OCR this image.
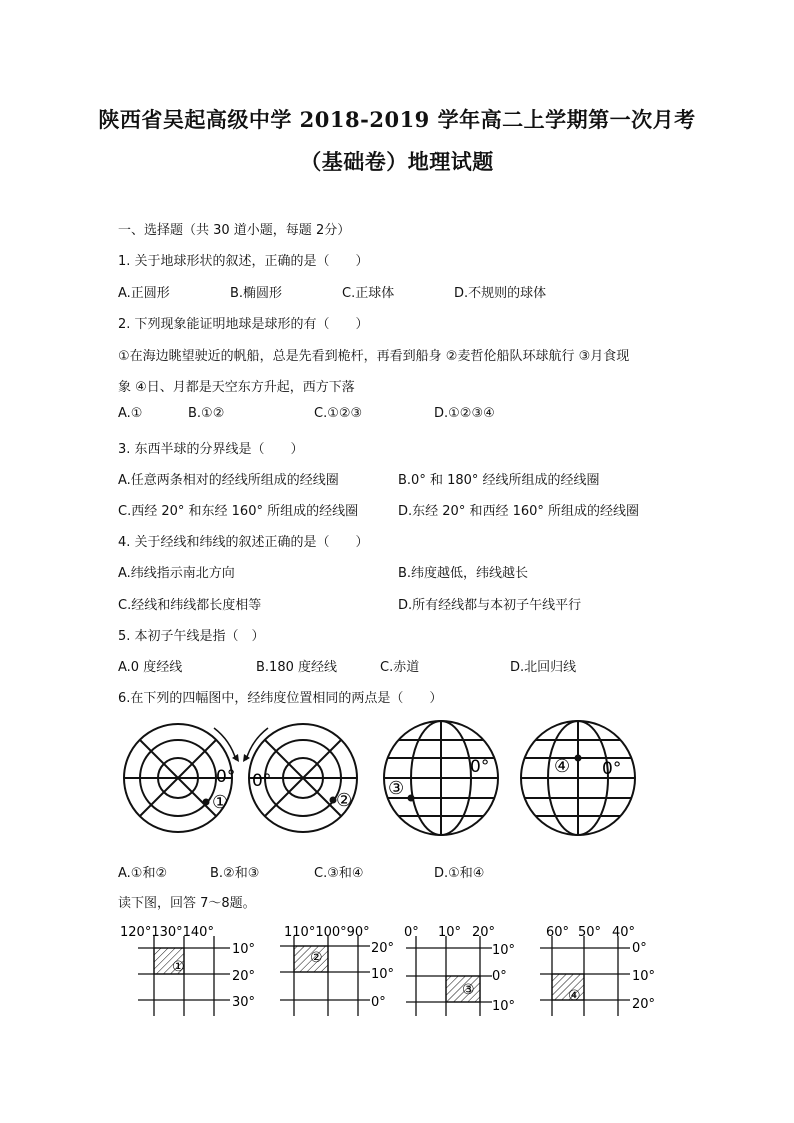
陕西省吴起高级中学 2018-2019 学年高二上学期第一次月考
（基础卷）地理试题
一、选择题（共 30 道小题，每题 2分）
1. 关于地球形状的叙述，正确的是（　　）
A.正圆形	B.椭圆形	C.正球体	D.不规则的球体
2. 下列现象能证明地球是球形的有（　　）
①在海边眺望驶近的帆船，总是先看到桅杆，再看到船身 ②麦哲伦船队环球航行 ③月食现
象 ④日、月都是天空东方升起，西方下落
A.①	B.①②	C.①②③	D.①②③④
3. 东西半球的分界线是（　　）
A.任意两条相对的经线所组成的经线圈	B.0° 和 180° 经线所组成的经线圈
C.西经 20° 和东经 160° 所组成的经线圈	D.东经 20° 和西经 160° 所组成的经线圈
4. 关于经线和纬线的叙述正确的是（　　）
A.纬线指示南北方向	B.纬度越低，纬线越长
C.经线和纬线都长度相等	D.所有经线都与本初子午线平行
5. 本初子午线是指（　）
A.0 度经线	B.180 度经线	C.赤道	D.北回归线
6.在下列的四幅图中，经纬度位置相同的两点是（　　）
0°
①
0°
②
0°
③
0°
④
A.①和②	B.②和③	C.③和④	D.①和④
读下图，回答 7～8题。
120°130°140°
10°
20°
30°
①
110°100°90°
20°
10°
0°
②
0° 10° 20°
10°
0°
10°
③
60° 50° 40°
0°
10°
20°
④
